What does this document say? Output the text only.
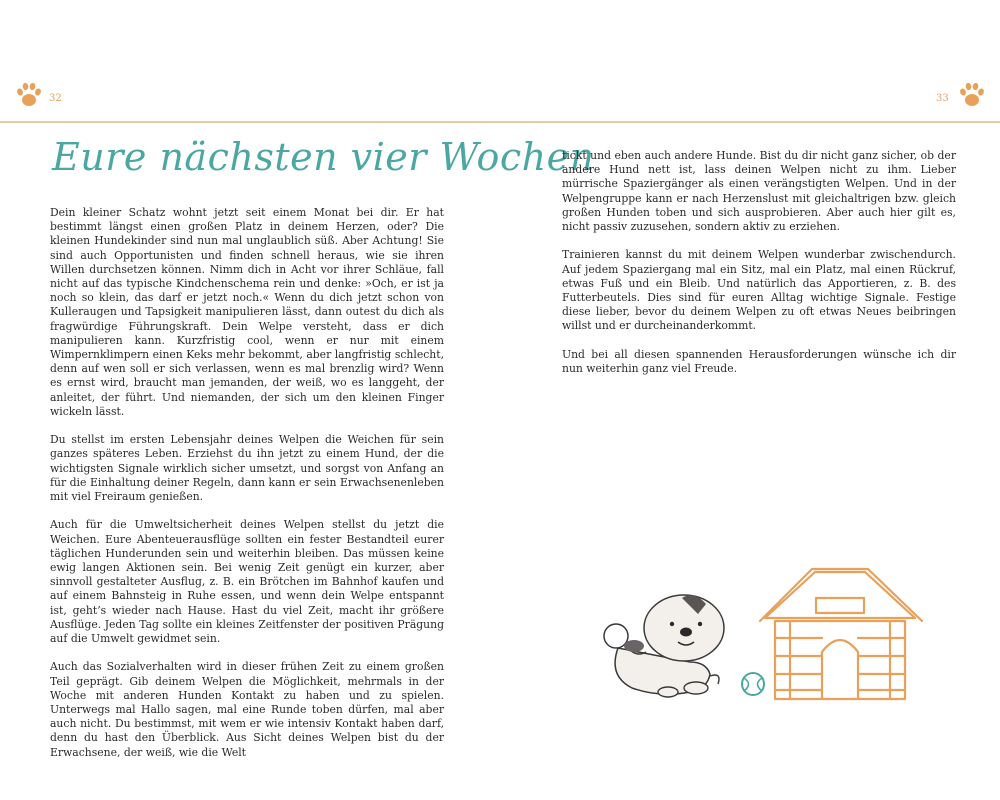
32	33
Eure nächsten vier Wochen

Dein kleiner Schatz wohnt jetzt seit einem Monat bei dir. Er hat bestimmt längst einen großen Platz in deinem Herzen, oder? Die kleinen Hundekinder sind nun mal unglaublich süß. Aber Achtung! Sie sind auch Opportunisten und finden schnell heraus, wie sie ihren Willen durchsetzen können. Nimm dich in Acht vor ihrer Schläue, fall nicht auf das typische Kindchenschema rein und denke: »Och, er ist ja noch so klein, das darf er jetzt noch.« Wenn du dich jetzt schon von Kulleraugen und Tapsigkeit manipulieren lässt, dann outest du dich als fragwürdige Führungskraft. Dein Welpe versteht, dass er dich manipulieren kann. Kurzfristig cool, wenn er nur mit einem Wimpernklimpern einen Keks mehr bekommt, aber langfristig schlecht, denn auf wen soll er sich verlassen, wenn es mal brenzlig wird? Wenn es ernst wird, braucht man jemanden, der weiß, wo es langgeht, der anleitet, der führt. Und niemanden, der sich um den kleinen Finger wickeln lässt.

Du stellst im ersten Lebensjahr deines Welpen die Weichen für sein ganzes späteres Leben. Erziehst du ihn jetzt zu einem Hund, der die wichtigsten Signale wirklich sicher umsetzt, und sorgst von Anfang an für die Einhaltung deiner Regeln, dann kann er sein Erwachsenenleben mit viel Freiraum genießen.

Auch für die Umweltsicherheit deines Welpen stellst du jetzt die Weichen. Eure Abenteuerausflüge sollten ein fester Bestandteil eurer täglichen Hunderunden sein und weiterhin bleiben. Das müssen keine ewig langen Aktionen sein. Bei wenig Zeit genügt ein kurzer, aber sinnvoll gestalteter Ausflug, z. B. ein Brötchen im Bahnhof kaufen und auf einem Bahnsteig in Ruhe essen, und wenn dein Welpe entspannt ist, geht’s wieder nach Hause. Hast du viel Zeit, macht ihr größere Ausflüge. Jeden Tag sollte ein kleines Zeitfenster der positiven Prägung auf die Umwelt gewidmet sein.

Auch das Sozialverhalten wird in dieser frühen Zeit zu einem großen Teil geprägt. Gib deinem Welpen die Möglichkeit, mehrmals in der Woche mit anderen Hunden Kontakt zu haben und zu spielen. Unterwegs mal Hallo sagen, mal eine Runde toben dürfen, mal aber auch nicht. Du bestimmst, mit wem er wie intensiv Kontakt haben darf, denn du hast den Überblick. Aus Sicht deines Welpen bist du der Erwachsene, der weiß, wie die Welt

tickt und eben auch andere Hunde. Bist du dir nicht ganz sicher, ob der andere Hund nett ist, lass deinen Welpen nicht zu ihm. Lieber mürrische Spaziergänger als einen verängstigten Welpen. Und in der Welpengruppe kann er nach Herzenslust mit gleichaltrigen bzw. gleich großen Hunden toben und sich ausprobieren. Aber auch hier gilt es, nicht passiv zuzusehen, sondern aktiv zu erziehen.

Trainieren kannst du mit deinem Welpen wunderbar zwischendurch. Auf jedem Spaziergang mal ein Sitz, mal ein Platz, mal einen Rückruf, etwas Fuß und ein Bleib. Und natürlich das Apportieren, z. B. des Futterbeutels. Dies sind für euren Alltag wichtige Signale. Festige diese lieber, bevor du deinem Welpen zu oft etwas Neues beibringen willst und er durcheinanderkommt.

Und bei all diesen spannenden Herausforderungen wünsche ich dir nun weiterhin ganz viel Freude.
